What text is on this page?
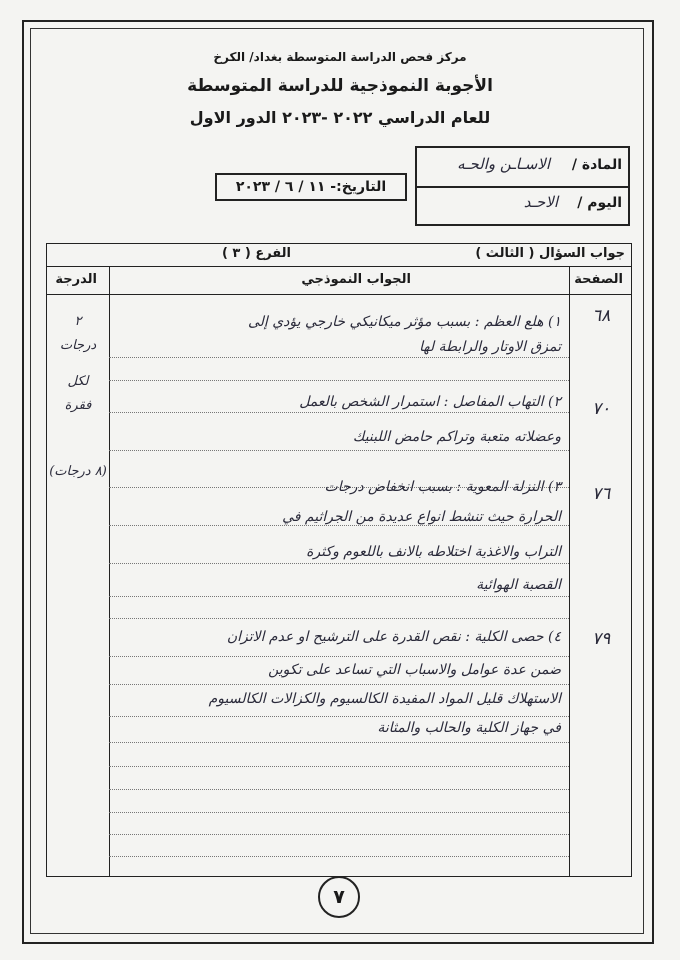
مركز فحص الدراسة المتوسطة بغداد/ الكرخ
الأجوبة النموذجية للدراسة المتوسطة
للعام الدراسي ٢٠٢٢ -٢٠٢٣ الدور الاول
المادة /
الاسـاـن والحـه
اليوم /
الاحـد
التاريخ:- ١١ / ٦ / ٢٠٢٣
جواب السؤال ( الثالث )
الفرع ( ٣ )
الصفحة
الجواب النموذجي
الدرجة
٦٨
٧٠
٧٦
٧٩
١) هلع العظم : بسبب مؤثر ميكانيكي خارجي يؤدي إلى
تمزق الاوتار والرابطة لها
٢) التهاب المفاصل : استمرار الشخص بالعمل
وعضلاته متعبة وتراكم حامض اللبنيك
٣) النزلة المعوية : بسبب انخفاض درجات
الحرارة حيث تنشط انواع عديدة من الجراثيم في
التراب والاغذية اختلاطه بالانف باللعوم وكثرة
القصبة الهوائية
٤) حصى الكلية : نقص القدرة على الترشيح او عدم الاتزان
ضمن عدة عوامل والاسباب التي تساعد على تكوين
الاستهلاك قليل المواد المفيدة الكالسيوم والكزالات الكالسيوم
في جهاز الكلية والحالب والمثانة
٢
درجات
لكل
فقرة
(٨ درجات)
٧
